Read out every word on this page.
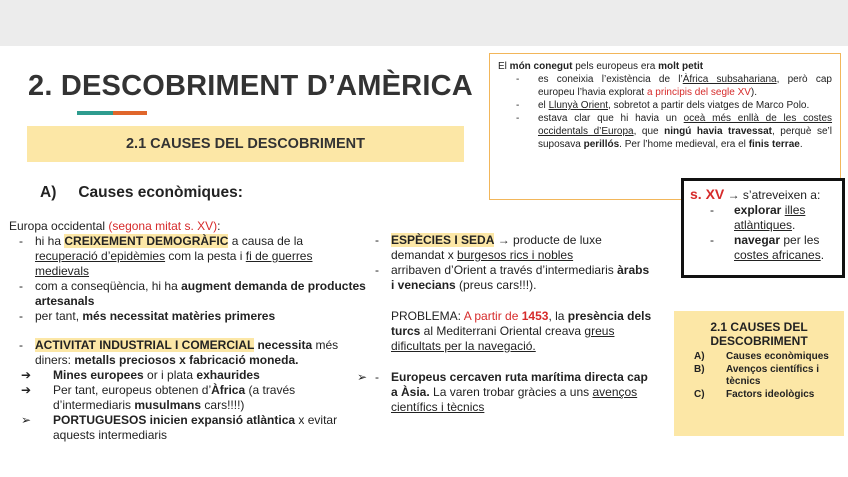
2. DESCOBRIMENT D’AMÈRICA
2.1 CAUSES DEL DESCOBRIMENT
A) Causes econòmiques:

Europa occidental (segona mitat s. XV):

- hi ha CREIXEMENT DEMOGRÀFIC a causa de la recuperació d’epidèmies com la pesta i fi de guerres medievals
- com a conseqüència, hi ha augment demanda de productes artesanals
- per tant, més necessitat matèries primeres
- ACTIVITAT INDUSTRIAL I COMERCIAL necessita més diners: metalls preciosos x fabricació moneda.
➔ Mines europees or i plata exhaurides
➔ Per tant, europeus obtenen d’Àfrica (a través d’intermediaris musulmans cars!!!!)
➢ PORTUGUESOS inicien expansió atlàntica x evitar aquests intermediaris
- ESPÈCIES I SEDA → producte de luxe demandat x burgesos rics i nobles
- arribaven d’Orient a través d’intermediaris àrabs i venecians (preus cars!!!).

PROBLEMA: A partir de 1453, la presència dels turcs al Mediterrani Oriental creava greus dificultats per la navegació.

- ➢ Europeus cercaven ruta marítima directa cap a Àsia. La varen trobar gràcies a uns avenços científics i tècnics

El món conegut pels europeus era molt petit

- es coneixia l’existència de l’Àfrica subsahariana, però cap europeu l’havia explorat a principis del segle XV).
- el Llunyà Orient, sobretot a partir dels viatges de Marco Polo.
- estava clar que hi havia un oceà més enllà de les costes occidentals d’Europa, que ningú havia travessat, perquè se’l suposava perillós. Per l’home medieval, era el finis terrae.

s. XV → s’atreveixen a:

- explorar illes atlàntiques.
- navegar per les costes africanes.

2.1 CAUSES DEL DESCOBRIMENT

A) Causes econòmiques
B) Avenços científics i tècnics
C) Factors ideològics
